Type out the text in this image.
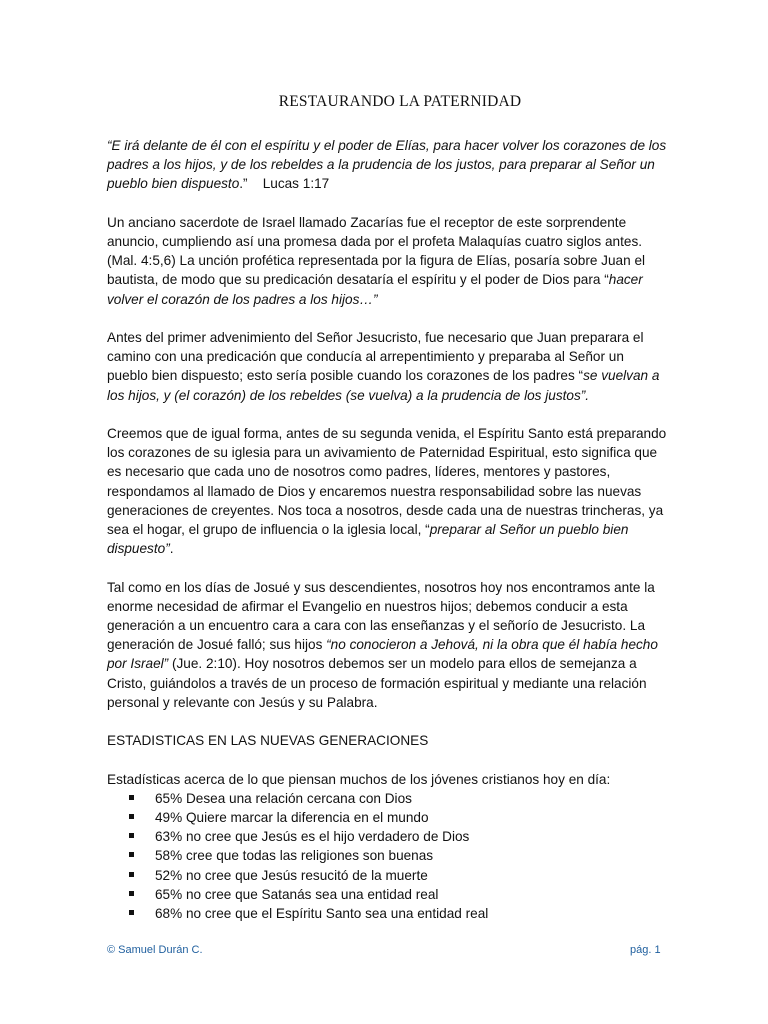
RESTAURANDO LA PATERNIDAD

“E irá delante de él con el espíritu y el poder de Elías, para hacer volver los corazones de los padres a los hijos, y de los rebeldes a la prudencia de los justos, para preparar al Señor un pueblo bien dispuesto.” Lucas 1:17

Un anciano sacerdote de Israel llamado Zacarías fue el receptor de este sorprendente anuncio, cumpliendo así una promesa dada por el profeta Malaquías cuatro siglos antes. (Mal. 4:5,6) La unción profética representada por la figura de Elías, posaría sobre Juan el bautista, de modo que su predicación desataría el espíritu y el poder de Dios para “hacer volver el corazón de los padres a los hijos…”

Antes del primer advenimiento del Señor Jesucristo, fue necesario que Juan preparara el camino con una predicación que conducía al arrepentimiento y preparaba al Señor un pueblo bien dispuesto; esto sería posible cuando los corazones de los padres “se vuelvan a los hijos, y (el corazón) de los rebeldes (se vuelva) a la prudencia de los justos”.

Creemos que de igual forma, antes de su segunda venida, el Espíritu Santo está preparando los corazones de su iglesia para un avivamiento de Paternidad Espiritual, esto significa que es necesario que cada uno de nosotros como padres, líderes, mentores y pastores, respondamos al llamado de Dios y encaremos nuestra responsabilidad sobre las nuevas generaciones de creyentes. Nos toca a nosotros, desde cada una de nuestras trincheras, ya sea el hogar, el grupo de influencia o la iglesia local, “preparar al Señor un pueblo bien dispuesto”.

Tal como en los días de Josué y sus descendientes, nosotros hoy nos encontramos ante la enorme necesidad de afirmar el Evangelio en nuestros hijos; debemos conducir a esta generación a un encuentro cara a cara con las enseñanzas y el señorío de Jesucristo. La generación de Josué falló; sus hijos “no conocieron a Jehová, ni la obra que él había hecho por Israel” (Jue. 2:10). Hoy nosotros debemos ser un modelo para ellos de semejanza a Cristo, guiándolos a través de un proceso de formación espiritual y mediante una relación personal y relevante con Jesús y su Palabra.

ESTADISTICAS EN LAS NUEVAS GENERACIONES

Estadísticas acerca de lo que piensan muchos de los jóvenes cristianos hoy en día:
65% Desea una relación cercana con Dios
49% Quiere marcar la diferencia en el mundo
63% no cree que Jesús es el hijo verdadero de Dios
58% cree que todas las religiones son buenas
52% no cree que Jesús resucitó de la muerte
65% no cree que Satanás sea una entidad real
68% no cree que el Espíritu Santo sea una entidad real
© Samuel Durán C.	pág. 1
